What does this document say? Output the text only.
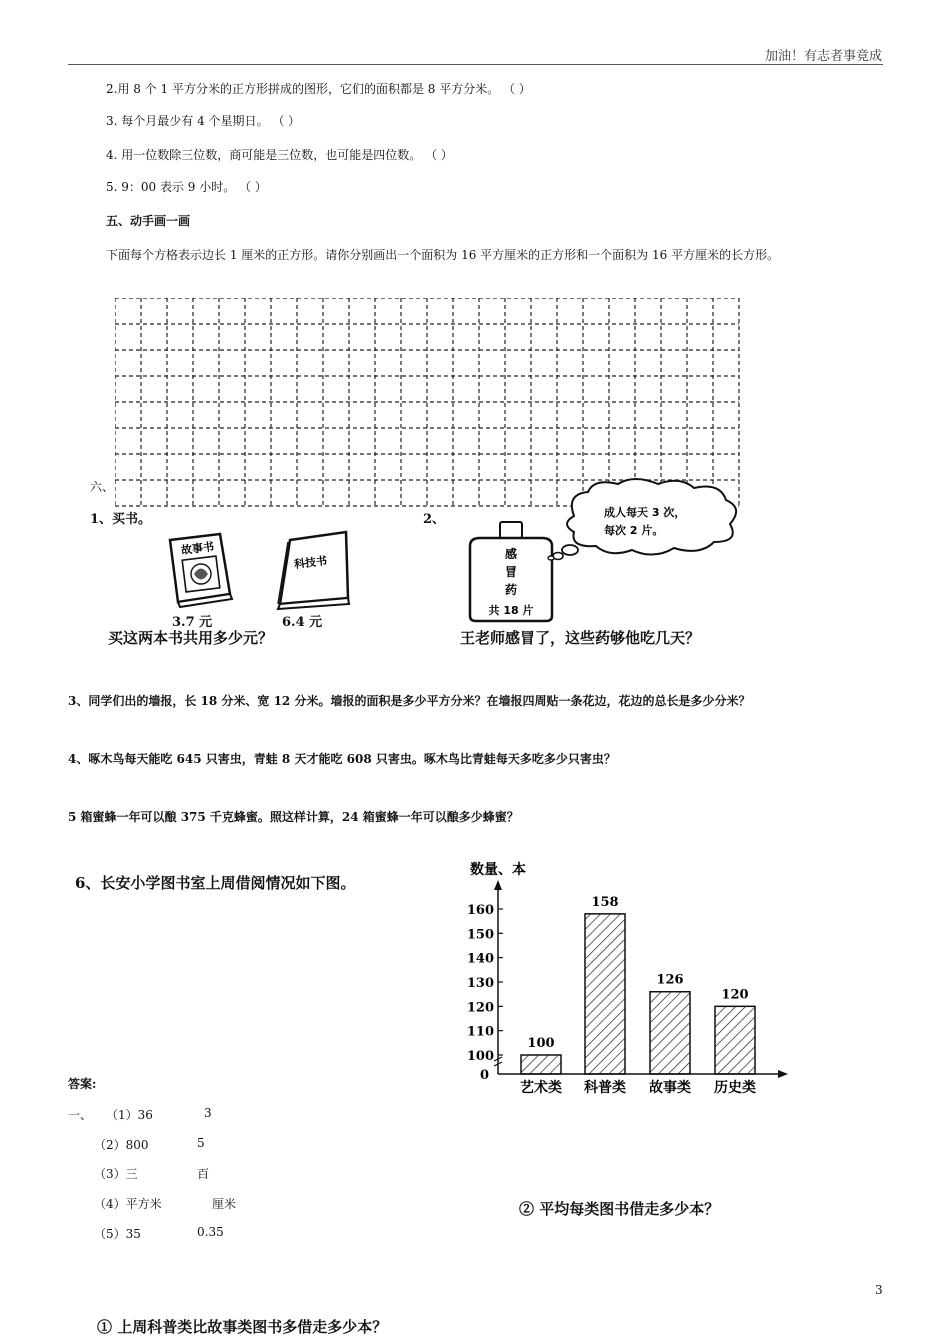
加油！有志者事竟成
2.用 8 个 1 平方分米的正方形拼成的图形，它们的面积都是 8 平方分米。 （ ）
3. 每个月最少有 4 个星期日。 （ ）
4. 用一位数除三位数，商可能是三位数，也可能是四位数。 （ ）
5. 9：00 表示 9 小时。 （ ）
五、动手画一画
下面每个方格表示边长 1 厘米的正方形。请你分别画出一个面积为 16 平方厘米的正方形和一个面积为 16 平方厘米的长方形。
六、
1、买书。	2、
故事书
科技书
3.7 元	6.4 元
买这两本书共用多少元？
感
冒
药
共 18 片
成人每天 3 次，
每次 2 片。
王老师感冒了，这些药够他吃几天？
3、同学们出的墙报，长 18 分米、宽 12 分米。墙报的面积是多少平方分米？在墙报四周贴一条花边，花边的总长是多少分米？
4、啄木鸟每天能吃 645 只害虫，青蛙 8 天才能吃 608 只害虫。啄木鸟比青蛙每天多吃多少只害虫？
5 箱蜜蜂一年可以酿 375 千克蜂蜜。照这样计算，24 箱蜜蜂一年可以酿多少蜂蜜？
6、长安小学图书室上周借阅情况如下图。
数量、本
100
110
120
130
140
150
160
0
100
艺术类
158
科普类
126
故事类
120
历史类
答案:
一、 （1）36	3
（2）800	5
（3）三	百
（4）平方米	厘米
（5）35	0.35
② 平均每类图书借走多少本？
3
① 上周科普类比故事类图书多借走多少本？
